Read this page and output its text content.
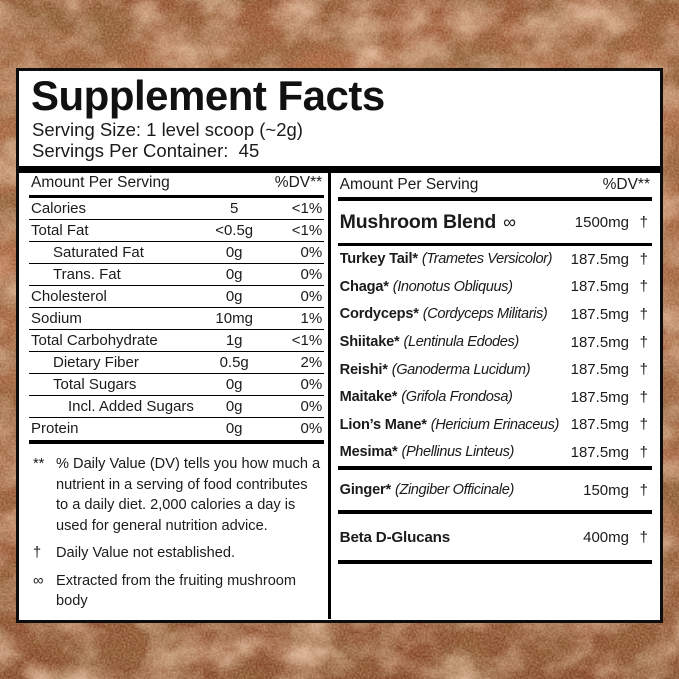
Supplement Facts
Serving Size: 1 level scoop (~2g)
Servings Per Container:  45
Amount Per Serving	%DV**
Calories	5	<1%
Total Fat	<0.5g	<1%
Saturated Fat	0g	0%
Trans. Fat	0g	0%
Cholesterol	0g	0%
Sodium	10mg	1%
Total Carbohydrate	1g	<1%
Dietary Fiber	0.5g	2%
Total Sugars	0g	0%
Incl. Added Sugars	0g	0%
Protein	0g	0%
** % Daily Value (DV) tells you how much a nutrient in a serving of food contributes to a daily diet. 2,000 calories a day is used for general nutrition advice.
†	Daily Value not established.
∞ Extracted from the fruiting mushroom body
Amount Per Serving	%DV**
Mushroom Blend ∞	1500mg †
Turkey Tail* (Trametes Versicolor)	187.5mg †
Chaga* (Inonotus Obliquus)	187.5mg †
Cordyceps* (Cordyceps Militaris)	187.5mg †
Shiitake* (Lentinula Edodes)	187.5mg †
Reishi* (Ganoderma Lucidum)	187.5mg †
Maitake* (Grifola Frondosa)	187.5mg †
Lion’s Mane* (Hericium Erinaceus) 187.5mg †
Mesima* (Phellinus Linteus)	187.5mg †
Ginger* (Zingiber Officinale)	150mg †
Beta D-Glucans	400mg †
